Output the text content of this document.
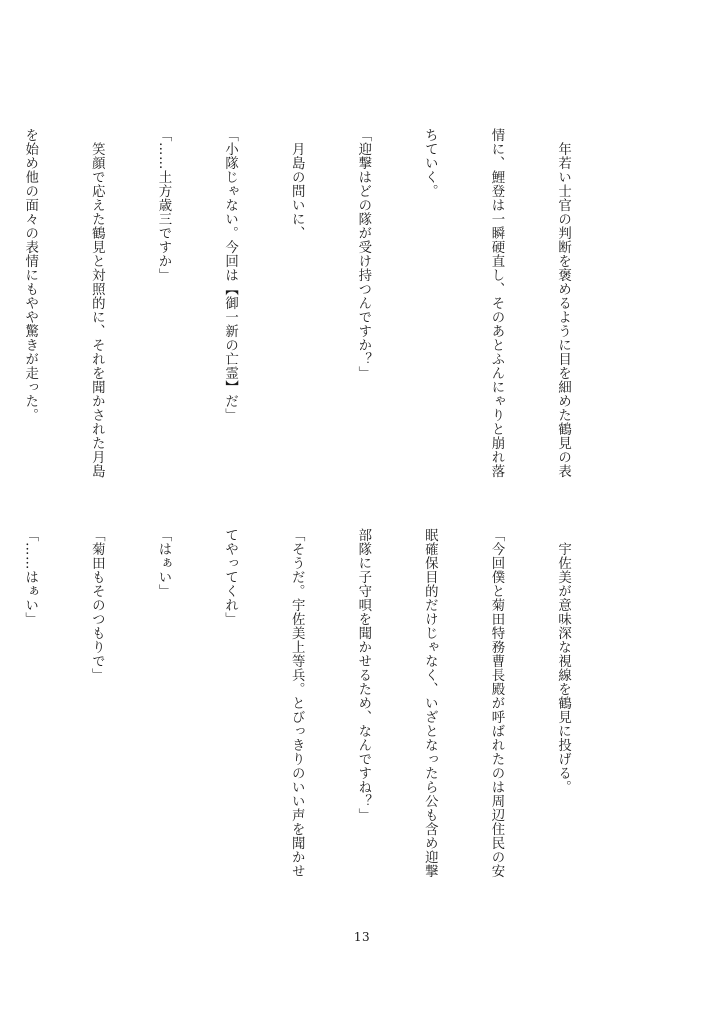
　年若い士官の判断を褒めるように目を細めた鶴見の表

情に、鯉登は一瞬硬直し、そのあとふんにゃりと崩れ落

ちていく。

「迎撃はどの隊が受け持つんですか？」

　月島の問いに、

「小隊じゃない。今回は【御一新の亡霊】だ」

「……土方歳三ですか」

　笑顔で応えた鶴見と対照的に、それを聞かされた月島

を始め他の面々の表情にもやや驚きが走った。

　宇佐美が意味深な視線を鶴見に投げる。

「今回僕と菊田特務曹長殿が呼ばれたのは周辺住民の安

眠確保目的だけじゃなく、いざとなったら公も含め迎撃

部隊に子守唄を聞かせるため、なんですね？」

「そうだ。宇佐美上等兵。とびっきりのいい声を聞かせ

てやってくれ」

「はぁい」

「菊田もそのつもりで」

「……はぁい」

13
